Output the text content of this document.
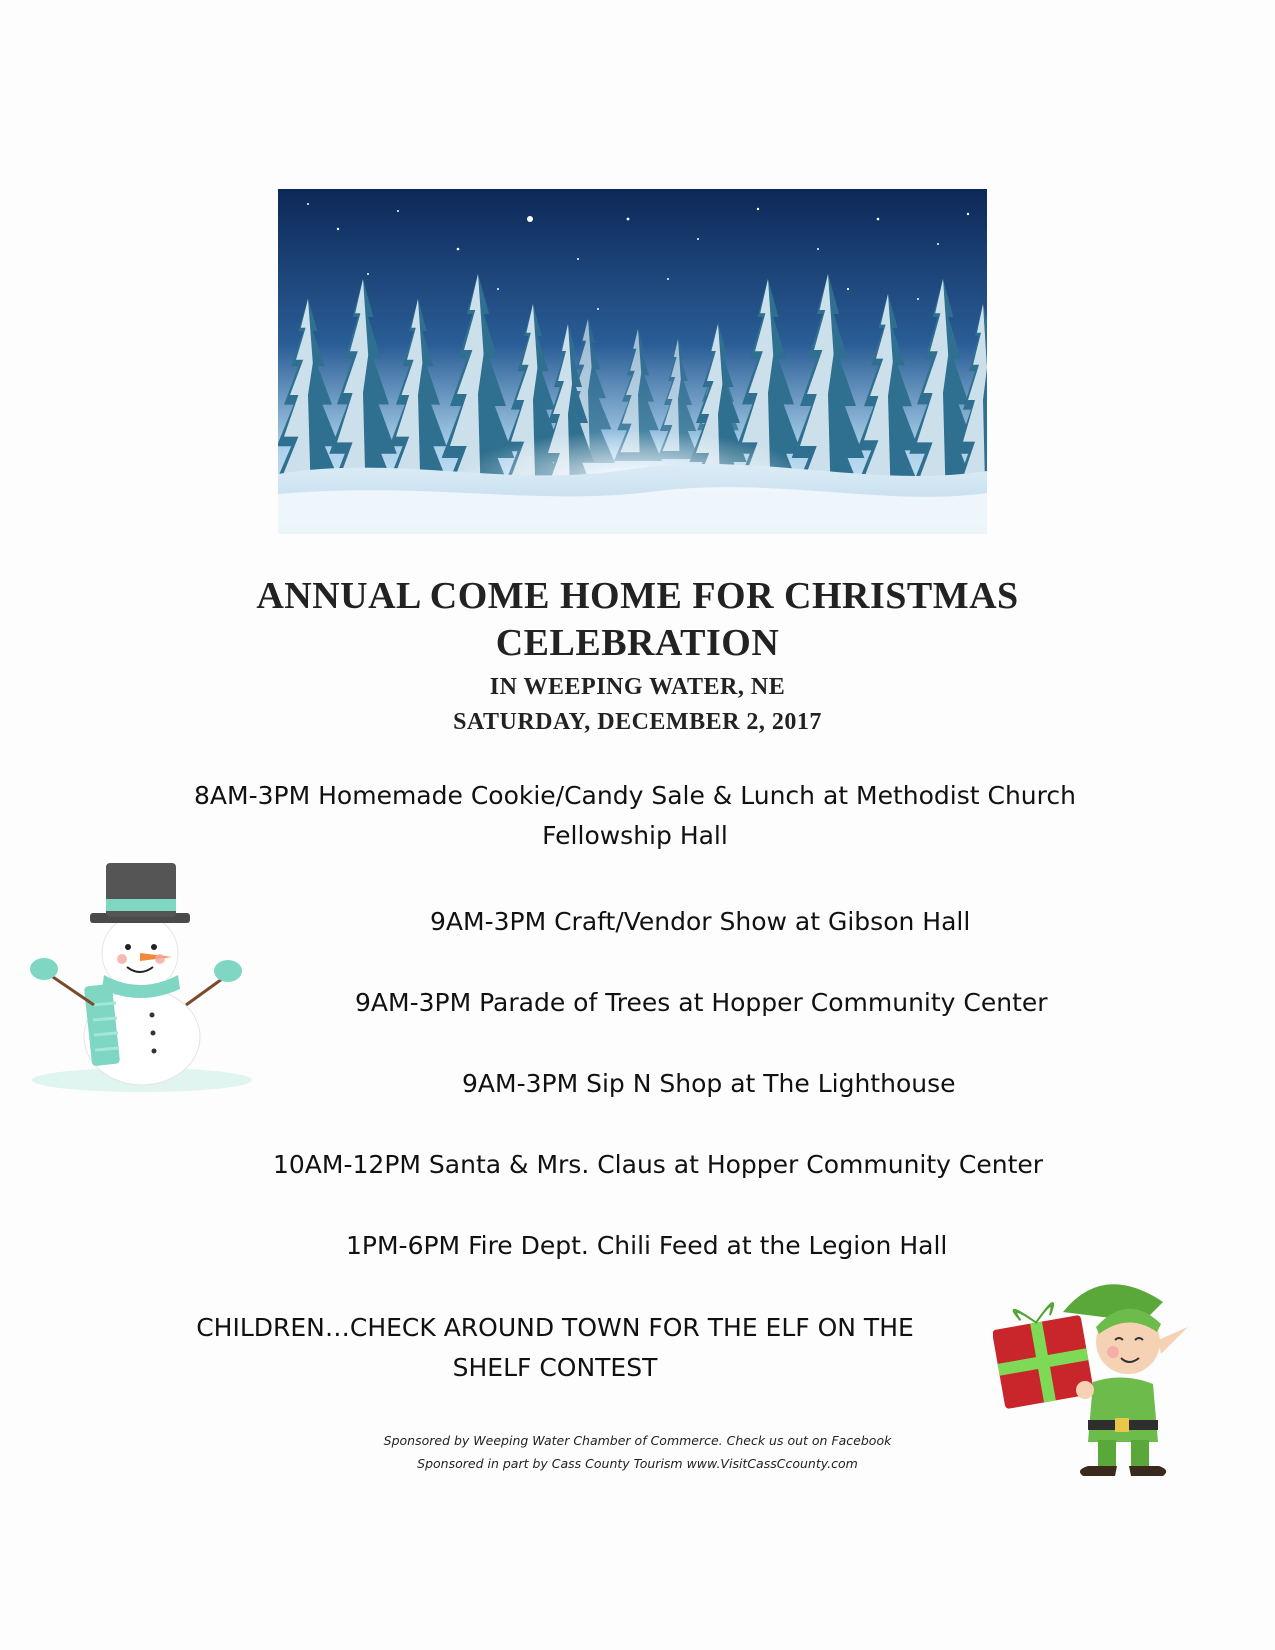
ANNUAL COME HOME FOR CHRISTMAS
CELEBRATION
IN WEEPING WATER, NE
SATURDAY, DECEMBER 2, 2017

8AM-3PM Homemade Cookie/Candy Sale & Lunch at Methodist Church Fellowship Hall

9AM-3PM Craft/Vendor Show at Gibson Hall

9AM-3PM Parade of Trees at Hopper Community Center

9AM-3PM Sip N Shop at The Lighthouse

10AM-12PM Santa & Mrs. Claus at Hopper Community Center

1PM-6PM Fire Dept. Chili Feed at the Legion Hall

CHILDREN…CHECK AROUND TOWN FOR THE ELF ON THE SHELF CONTEST

Sponsored by Weeping Water Chamber of Commerce. Check us out on Facebook

Sponsored in part by Cass County Tourism www.VisitCassCcounty.com
